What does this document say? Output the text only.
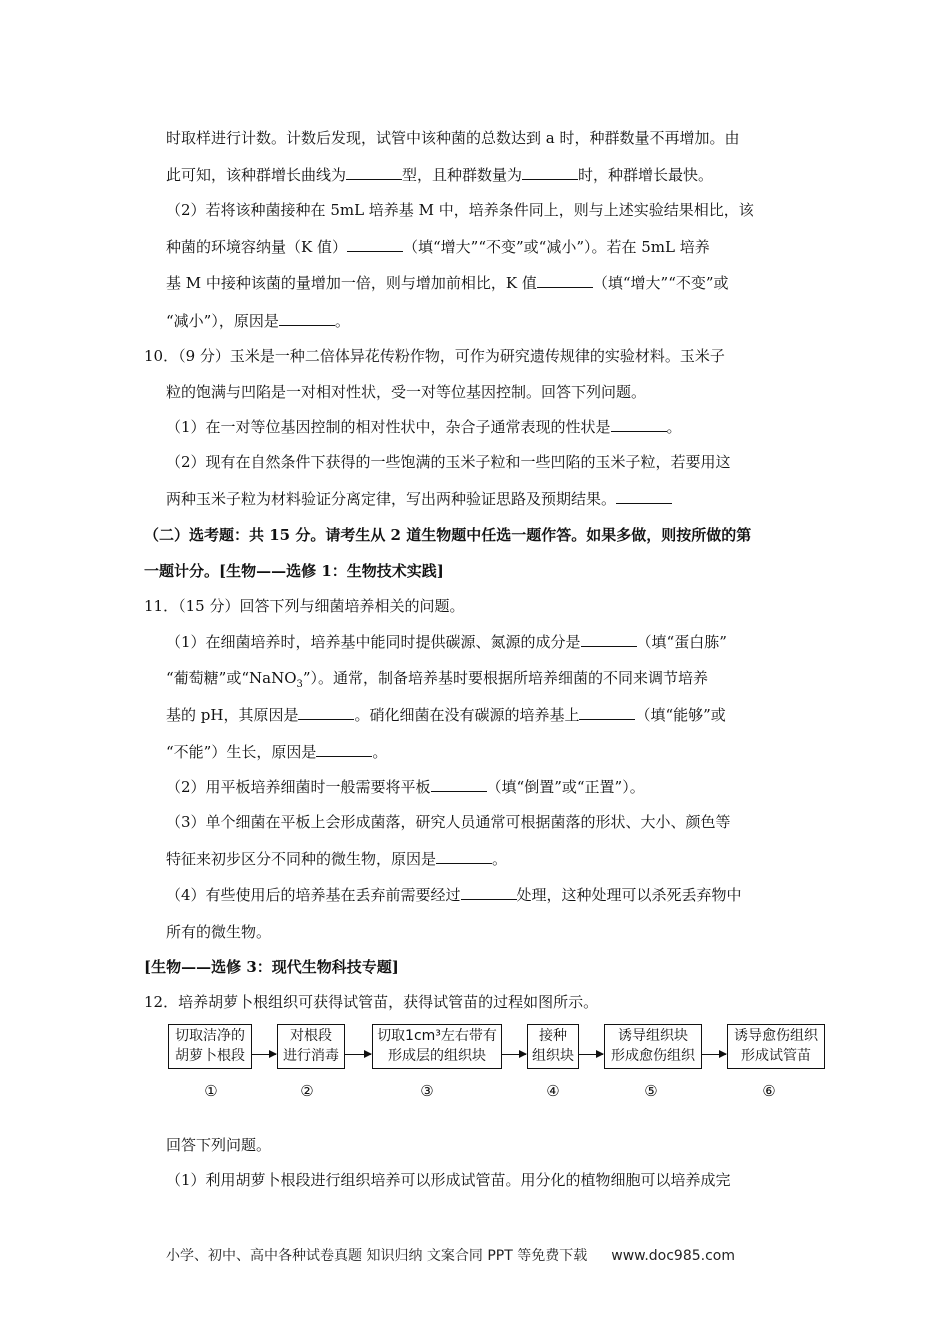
时取样进行计数。计数后发现，试管中该种菌的总数达到 a 时，种群数量不再增加。由
此可知，该种群增长曲线为	型，且种群数量为	时，种群增长最快。
（2）若将该种菌接种在 5mL 培养基 M 中，培养条件同上，则与上述实验结果相比，该
种菌的环境容纳量（K 值）	（填“增大”“不变”或“减小”）。若在 5mL 培养
基 M 中接种该菌的量增加一倍，则与增加前相比，K 值	（填“增大”“不变”或
“减小”），原因是	。
10．（9 分）玉米是一种二倍体异花传粉作物，可作为研究遗传规律的实验材料。玉米子
粒的饱满与凹陷是一对相对性状，受一对等位基因控制。回答下列问题。
（1）在一对等位基因控制的相对性状中，杂合子通常表现的性状是	。
（2）现有在自然条件下获得的一些饱满的玉米子粒和一些凹陷的玉米子粒，若要用这
两种玉米子粒为材料验证分离定律，写出两种验证思路及预期结果。
（二）选考题：共 15 分。请考生从 2 道生物题中任选一题作答。如果多做，则按所做的第
一题计分。[生物——选修 1：生物技术实践]
11．（15 分）回答下列与细菌培养相关的问题。
（1）在细菌培养时，培养基中能同时提供碳源、氮源的成分是	（填“蛋白胨”
“葡萄糖”或“NaNO$_3$”）。通常，制备培养基时要根据所培养细菌的不同来调节培养
基的 pH，其原因是	。硝化细菌在没有碳源的培养基上	（填“能够”或
“不能”）生长，原因是	。
（2）用平板培养细菌时一般需要将平板	（填“倒置”或“正置”）。
（3）单个细菌在平板上会形成菌落，研究人员通常可根据菌落的形状、大小、颜色等
特征来初步区分不同种的微生物，原因是	。
（4）有些使用后的培养基在丢弃前需要经过	处理，这种处理可以杀死丢弃物中
所有的微生物。
[生物——选修 3：现代生物科技专题]
12．培养胡萝卜根组织可获得试管苗，获得试管苗的过程如图所示。
切取洁净的
胡萝卜根段
对根段
进行消毒
切取1cm³左右带有
形成层的组织块
接种
组织块
诱导组织块
形成愈伤组织
诱导愈伤组织
形成试管苗
①	②	③	④	⑤	⑥
回答下列问题。
（1）利用胡萝卜根段进行组织培养可以形成试管苗。用分化的植物细胞可以培养成完
小学、初中、高中各种试卷真题 知识归纳 文案合同 PPT 等免费下载 www.doc985.com
